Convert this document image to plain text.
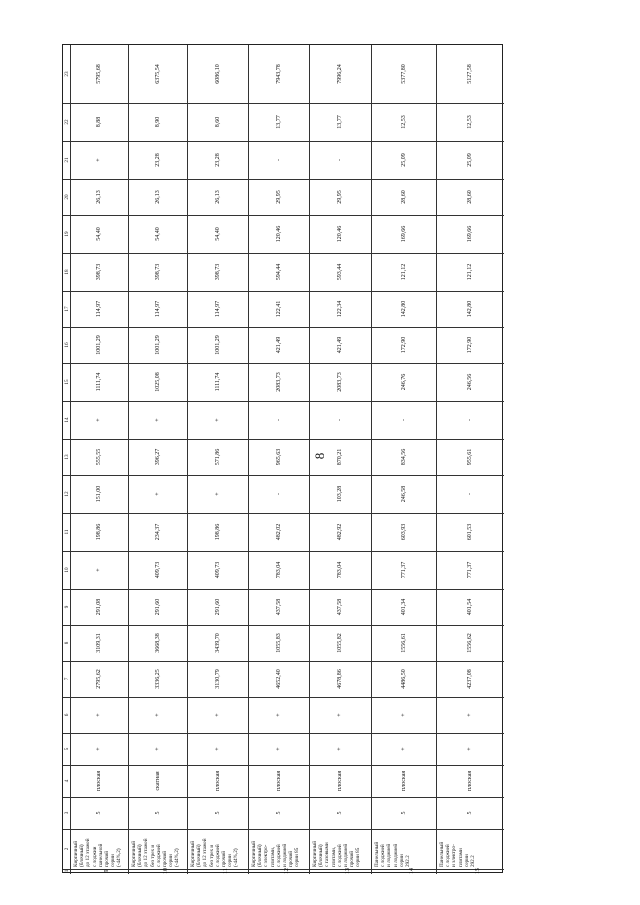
8
1
2
3
4
5
6
7
8
9
10
11
12
13
14
15
16
17
18
19
20
21
22
23
9
Кирпичный
(блочный)
до 12 этажей
с лоджии
панельной
прочий
серии
(-44%,2)
5
плоская
+
+
2795,62
3109,31
291,08
+
198,86
151,00
555,55
+
1111,74
1001,29
114,97
398,73
54,40
26,13
+
8,88
5795,68
10
Кирпичный
(блочный)
до 12 этажей
без трех и
с лоджией
прочий
серии
(-44%,2)
5
скатная
+
+
3336,25
3668,38
291,60
409,73
234,37
+
396,27
+
1025,08
1001,29
114,97
398,73
54,40
26,13
23,28
8,90
6375,54
11
Кирпичный
(блочный)
до 12 этажей
без трех и
с лоджией
прочий
серии
(-44%,2)
5
плоская
+
+
3130,79
3439,70
291,60
409,73
198,86
+
571,86
+
1111,74
1001,29
114,97
398,73
54,40
26,13
23,28
8,60
6086,10
12
Кирпичный
(блочный)
с электро-
плитами,
с лоджией
и лоджией
прочий
серии 85
5
плоская
+
+
4652,40
1055,83
437,58
783,04
482,02
-
965,63
-
2083,73
421,49
122,41
594,44
120,46
29,95
-
13,77
7943,78
13
Кирпичный
(блочный)
с газовыми
плитами,
с лоджией
и лоджией
прочий
серии 85
5
плоская
+
+
4678,86
1055,82
437,58
783,04
482,92
103,28
870,21
-
2083,73
421,49
122,34
593,44
120,46
29,95
-
13,77
7996,24
14
Панельный
с лоджией
и лоджией
и лоджией
серии
292.2
5
плоская
+
+
4486,50
1556,61
401,34
771,37
603,93
246,58
834,56
-
246,76
172,90
142,80
121,12
169,66
28,60
25,09
12,53
5377,80
15
Панельный
с лоджией
и электро-
плитами
серии
292.2
5
плоская
+
+
4237,08
1556,62
401,54
771,37
601,53
-
955,61
-
246,56
172,90
142,80
121,12
169,66
28,60
25,09
12,53
5127,58
